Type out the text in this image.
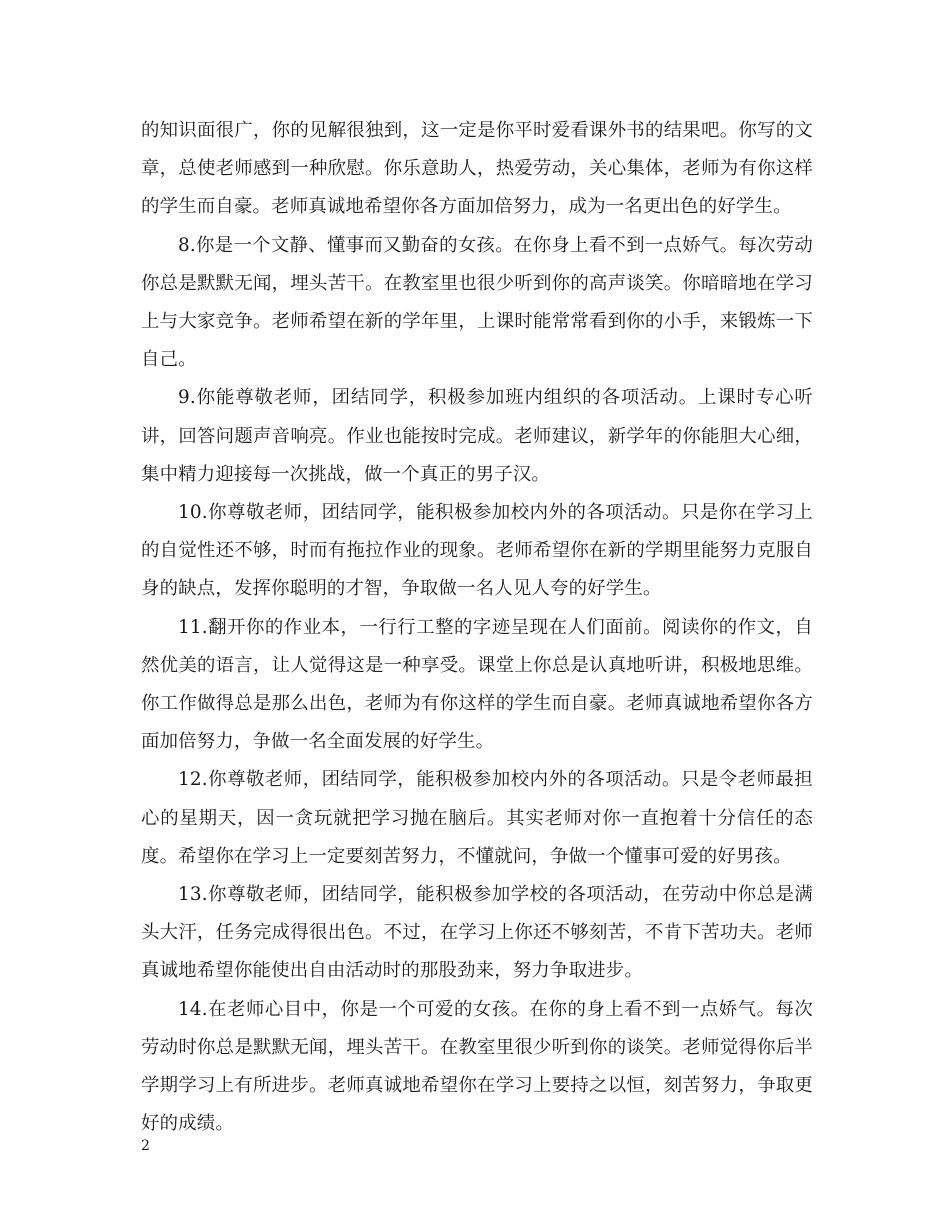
的知识面很广，你的见解很独到，这一定是你平时爱看课外书的结果吧。你写的文章，总使老师感到一种欣慰。你乐意助人，热爱劳动，关心集体，老师为有你这样的学生而自豪。老师真诚地希望你各方面加倍努力，成为一名更出色的好学生。

8.你是一个文静、懂事而又勤奋的女孩。在你身上看不到一点娇气。每次劳动你总是默默无闻，埋头苦干。在教室里也很少听到你的高声谈笑。你暗暗地在学习上与大家竞争。老师希望在新的学年里，上课时能常常看到你的小手，来锻炼一下自己。

9.你能尊敬老师，团结同学，积极参加班内组织的各项活动。上课时专心听讲，回答问题声音响亮。作业也能按时完成。老师建议，新学年的你能胆大心细，集中精力迎接每一次挑战，做一个真正的男子汉。

10.你尊敬老师，团结同学，能积极参加校内外的各项活动。只是你在学习上的自觉性还不够，时而有拖拉作业的现象。老师希望你在新的学期里能努力克服自身的缺点，发挥你聪明的才智，争取做一名人见人夸的好学生。

11.翻开你的作业本，一行行工整的字迹呈现在人们面前。阅读你的作文，自然优美的语言，让人觉得这是一种享受。课堂上你总是认真地听讲，积极地思维。你工作做得总是那么出色，老师为有你这样的学生而自豪。老师真诚地希望你各方面加倍努力，争做一名全面发展的好学生。

12.你尊敬老师，团结同学，能积极参加校内外的各项活动。只是令老师最担心的星期天，因一贪玩就把学习抛在脑后。其实老师对你一直抱着十分信任的态度。希望你在学习上一定要刻苦努力，不懂就问，争做一个懂事可爱的好男孩。

13.你尊敬老师，团结同学，能积极参加学校的各项活动，在劳动中你总是满头大汗，任务完成得很出色。不过，在学习上你还不够刻苦，不肯下苦功夫。老师真诚地希望你能使出自由活动时的那股劲来，努力争取进步。

14.在老师心目中，你是一个可爱的女孩。在你的身上看不到一点娇气。每次劳动时你总是默默无闻，埋头苦干。在教室里很少听到你的谈笑。老师觉得你后半学期学习上有所进步。老师真诚地希望你在学习上要持之以恒，刻苦努力，争取更好的成绩。

2
